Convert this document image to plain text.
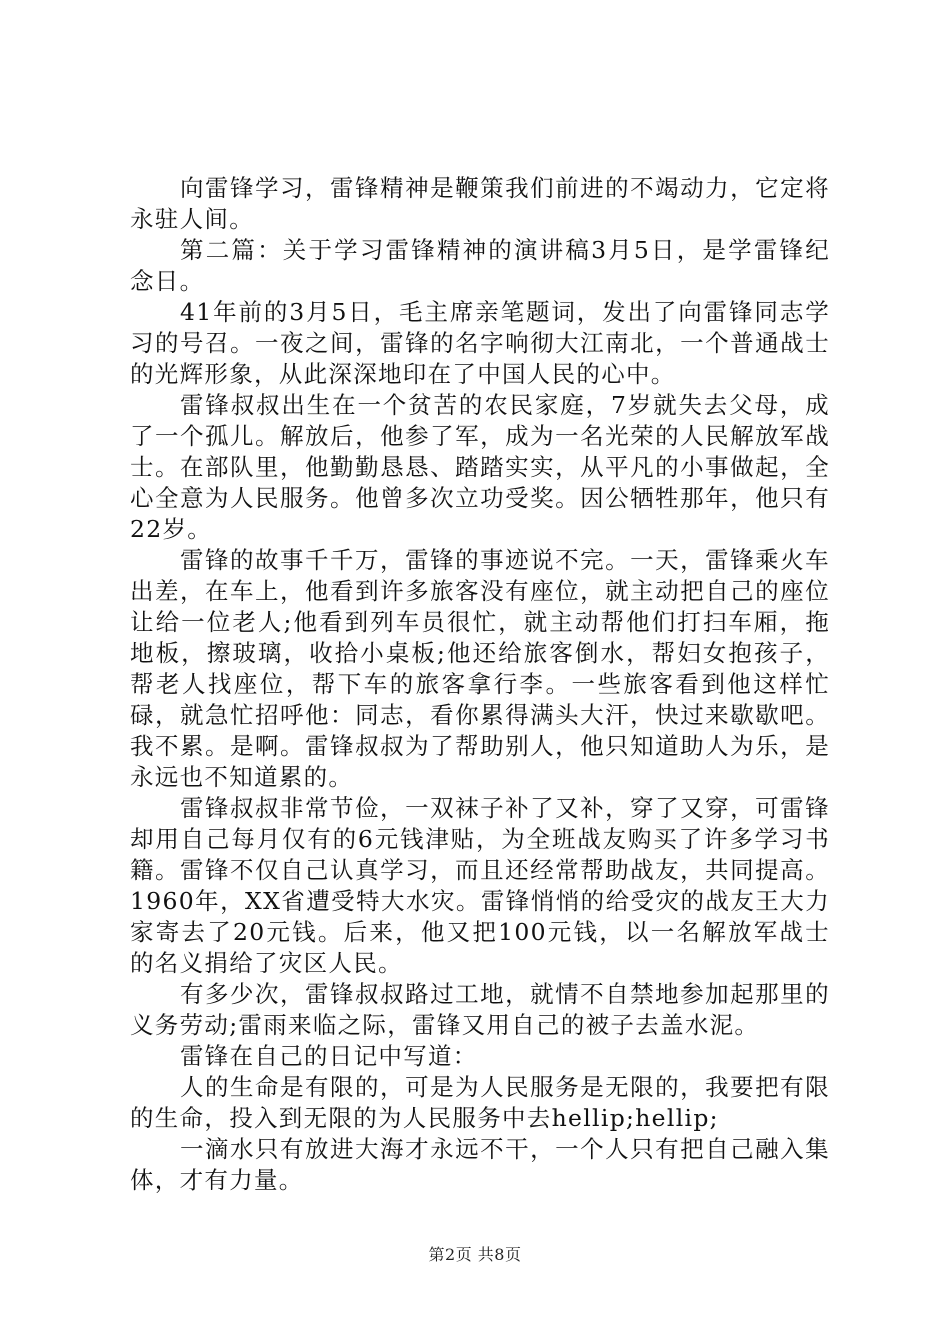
向雷锋学习，雷锋精神是鞭策我们前进的不竭动力，它定将永驻人间。

第二篇：关于学习雷锋精神的演讲稿3月5日，是学雷锋纪念日。

41年前的3月5日，毛主席亲笔题词，发出了向雷锋同志学习的号召。一夜之间，雷锋的名字响彻大江南北，一个普通战士的光辉形象，从此深深地印在了中国人民的心中。

雷锋叔叔出生在一个贫苦的农民家庭，7岁就失去父母，成了一个孤儿。解放后，他参了军，成为一名光荣的人民解放军战士。在部队里，他勤勤恳恳、踏踏实实，从平凡的小事做起，全心全意为人民服务。他曾多次立功受奖。因公牺牲那年，他只有22岁。

雷锋的故事千千万，雷锋的事迹说不完。一天，雷锋乘火车出差，在车上，他看到许多旅客没有座位，就主动把自己的座位让给一位老人;他看到列车员很忙，就主动帮他们打扫车厢，拖地板，擦玻璃，收拾小桌板;他还给旅客倒水，帮妇女抱孩子，帮老人找座位，帮下车的旅客拿行李。一些旅客看到他这样忙碌，就急忙招呼他：同志，看你累得满头大汗，快过来歇歇吧。我不累。是啊。雷锋叔叔为了帮助别人，他只知道助人为乐，是永远也不知道累的。

雷锋叔叔非常节俭，一双袜子补了又补，穿了又穿，可雷锋却用自己每月仅有的6元钱津贴，为全班战友购买了许多学习书籍。雷锋不仅自己认真学习，而且还经常帮助战友，共同提高。1960年，XX省遭受特大水灾。雷锋悄悄的给受灾的战友王大力家寄去了20元钱。后来，他又把100元钱，以一名解放军战士的名义捐给了灾区人民。

有多少次，雷锋叔叔路过工地，就情不自禁地参加起那里的义务劳动;雷雨来临之际，雷锋又用自己的被子去盖水泥。

雷锋在自己的日记中写道：

人的生命是有限的，可是为人民服务是无限的，我要把有限的生命，投入到无限的为人民服务中去hellip;hellip;

一滴水只有放进大海才永远不干，一个人只有把自己融入集体，才有力量。

第2页 共8页
